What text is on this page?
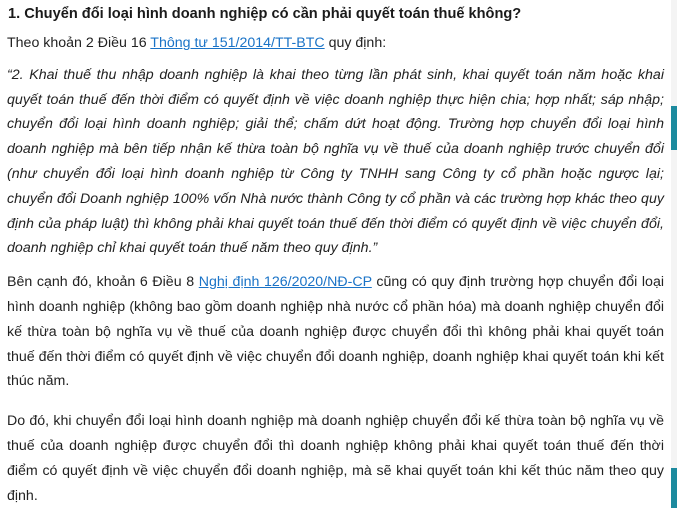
1. Chuyển đổi loại hình doanh nghiệp có cần phải quyết toán thuế không?

Theo khoản 2 Điều 16 Thông tư 151/2014/TT-BTC quy định:

“2. Khai thuế thu nhập doanh nghiệp là khai theo từng lần phát sinh, khai quyết toán năm hoặc khai quyết toán thuế đến thời điểm có quyết định về việc doanh nghiệp thực hiện chia; hợp nhất; sáp nhập; chuyển đổi loại hình doanh nghiệp; giải thể; chấm dứt hoạt động. Trường hợp chuyển đổi loại hình doanh nghiệp mà bên tiếp nhận kế thừa toàn bộ nghĩa vụ về thuế của doanh nghiệp trước chuyển đổi (như chuyển đổi loại hình doanh nghiệp từ Công ty TNHH sang Công ty cổ phần hoặc ngược lại; chuyển đổi Doanh nghiệp 100% vốn Nhà nước thành Công ty cổ phần và các trường hợp khác theo quy định của pháp luật) thì không phải khai quyết toán thuế đến thời điểm có quyết định về việc chuyển đổi, doanh nghiệp chỉ khai quyết toán thuế năm theo quy định.”

Bên cạnh đó, khoản 6 Điều 8 Nghị định 126/2020/NĐ-CP cũng có quy định trường hợp chuyển đổi loại hình doanh nghiệp (không bao gồm doanh nghiệp nhà nước cổ phần hóa) mà doanh nghiệp chuyển đổi kế thừa toàn bộ nghĩa vụ về thuế của doanh nghiệp được chuyển đổi thì không phải khai quyết toán thuế đến thời điểm có quyết định về việc chuyển đổi doanh nghiệp, doanh nghiệp khai quyết toán khi kết thúc năm.

Do đó, khi chuyển đổi loại hình doanh nghiệp mà doanh nghiệp chuyển đổi kế thừa toàn bộ nghĩa vụ về thuế của doanh nghiệp được chuyển đổi thì doanh nghiệp không phải khai quyết toán thuế đến thời điểm có quyết định về việc chuyển đổi doanh nghiệp, mà sẽ khai quyết toán khi kết thúc năm theo quy định.
